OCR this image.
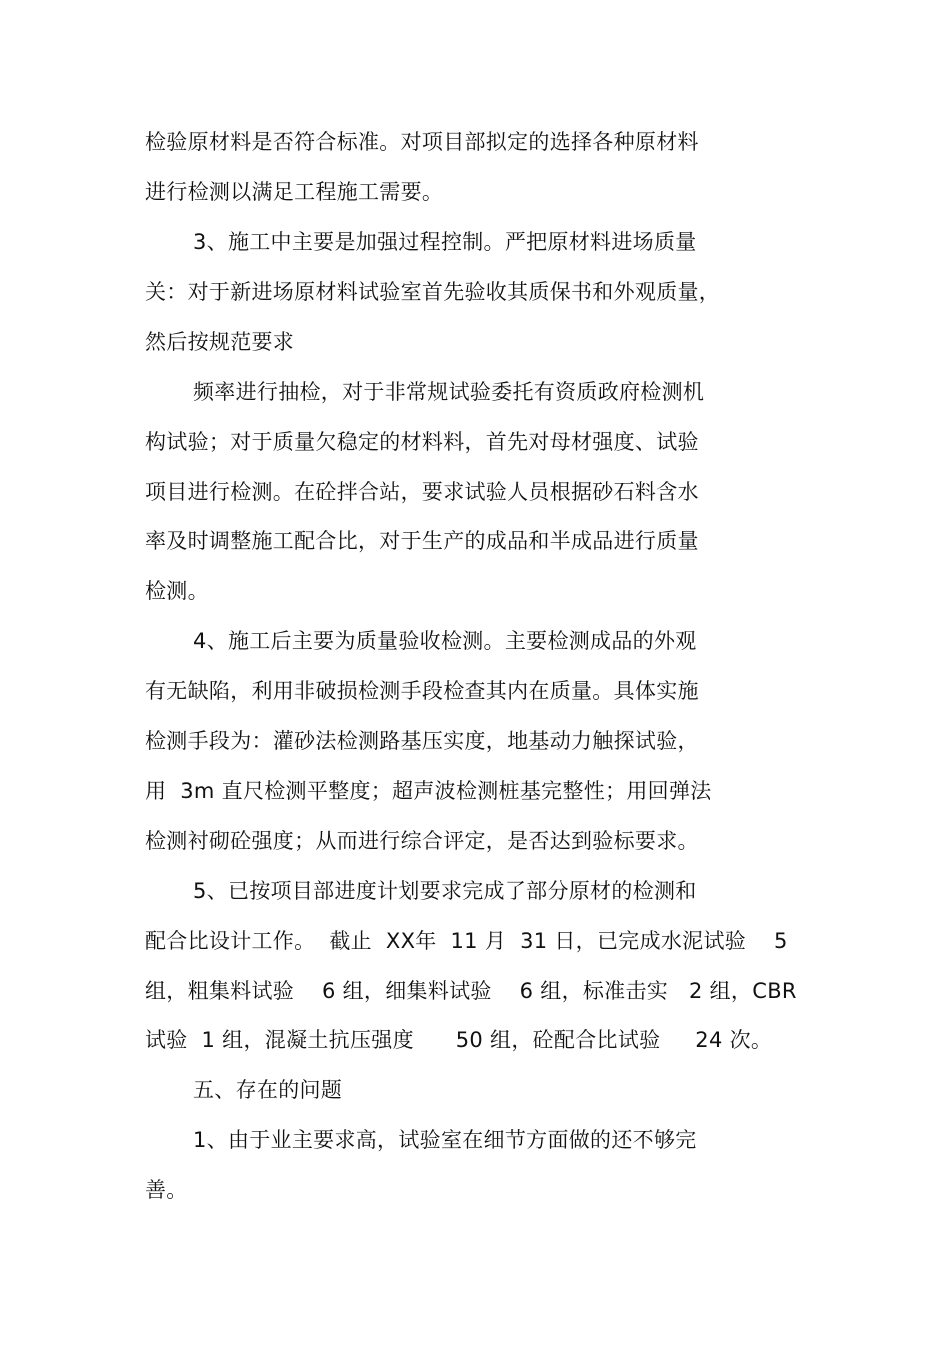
检验原材料是否符合标准。对项目部拟定的选择各种原材料
进行检测以满足工程施工需要。
3、施工中主要是加强过程控制。严把原材料进场质量
关：对于新进场原材料试验室首先验收其质保书和外观质量，
然后按规范要求
频率进行抽检，对于非常规试验委托有资质政府检测机
构试验；对于质量欠稳定的材料料，首先对母材强度、试验
项目进行检测。在砼拌合站，要求试验人员根据砂石料含水
率及时调整施工配合比，对于生产的成品和半成品进行质量
检测。
4、施工后主要为质量验收检测。主要检测成品的外观
有无缺陷，利用非破损检测手段检查其内在质量。具体实施
检测手段为：灌砂法检测路基压实度，地基动力触探试验，
用  3m 直尺检测平整度；超声波检测桩基完整性；用回弹法
检测衬砌砼强度；从而进行综合评定，是否达到验标要求。
5、已按项目部进度计划要求完成了部分原材的检测和
配合比设计工作。  截止  XX年  11 月  31 日，已完成水泥试验    5
组，粗集料试验    6 组，细集料试验    6 组，标准击实   2 组，CBR
试验  1 组，混凝土抗压强度      50 组，砼配合比试验     24 次。
五、存在的问题
1、由于业主要求高，试验室在细节方面做的还不够完
善。
